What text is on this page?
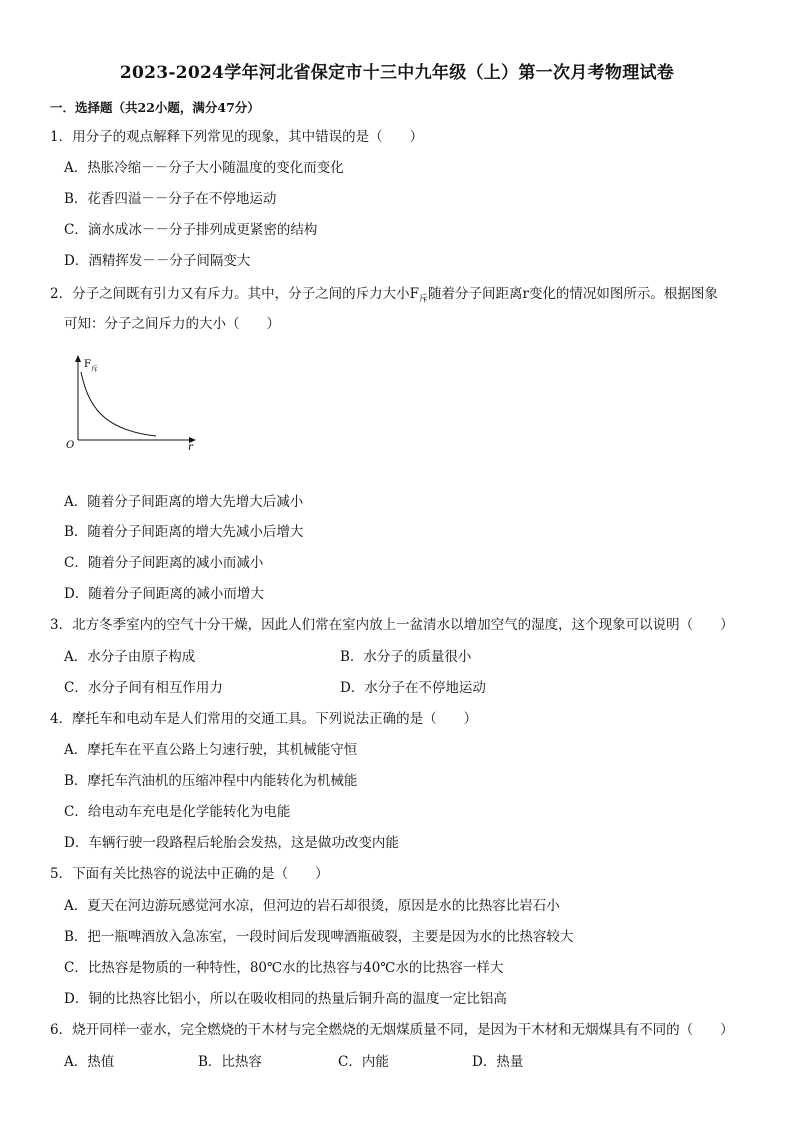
2023-2024学年河北省保定市十三中九年级（上）第一次月考物理试卷
一．选择题（共22小题，满分47分）
1．用分子的观点解释下列常见的现象，其中错误的是（　　）
A．热胀冷缩－－分子大小随温度的变化而变化
B．花香四溢－－分子在不停地运动
C．滴水成冰－－分子排列成更紧密的结构
D．酒精挥发－－分子间隔变大
2．分子之间既有引力又有斥力。其中，分子之间的斥力大小$F_斥$随着分子间距离r变化的情况如图所示。根据图象
可知：分子之间斥力的大小（　　）
F 斥
O	r
A．随着分子间距离的增大先增大后减小
B．随着分子间距离的增大先减小后增大
C．随着分子间距离的减小而减小
D．随着分子间距离的减小而增大
3．北方冬季室内的空气十分干燥，因此人们常在室内放上一盆清水以增加空气的湿度，这个现象可以说明（　　）
A．水分子由原子构成	B．水分子的质量很小
C．水分子间有相互作用力	D．水分子在不停地运动
4．摩托车和电动车是人们常用的交通工具。下列说法正确的是（　　）
A．摩托车在平直公路上匀速行驶，其机械能守恒
B．摩托车汽油机的压缩冲程中内能转化为机械能
C．给电动车充电是化学能转化为电能
D．车辆行驶一段路程后轮胎会发热，这是做功改变内能
5．下面有关比热容的说法中正确的是（　　）
A．夏天在河边游玩感觉河水凉，但河边的岩石却很烫，原因是水的比热容比岩石小
B．把一瓶啤酒放入急冻室，一段时间后发现啤酒瓶破裂，主要是因为水的比热容较大
C．比热容是物质的一种特性，80℃水的比热容与40℃水的比热容一样大
D．铜的比热容比铝小，所以在吸收相同的热量后铜升高的温度一定比铝高
6．烧开同样一壶水，完全燃烧的干木材与完全燃烧的无烟煤质量不同，是因为干木材和无烟煤具有不同的（　　）
A．热值	B．比热容	C．内能	D．热量
